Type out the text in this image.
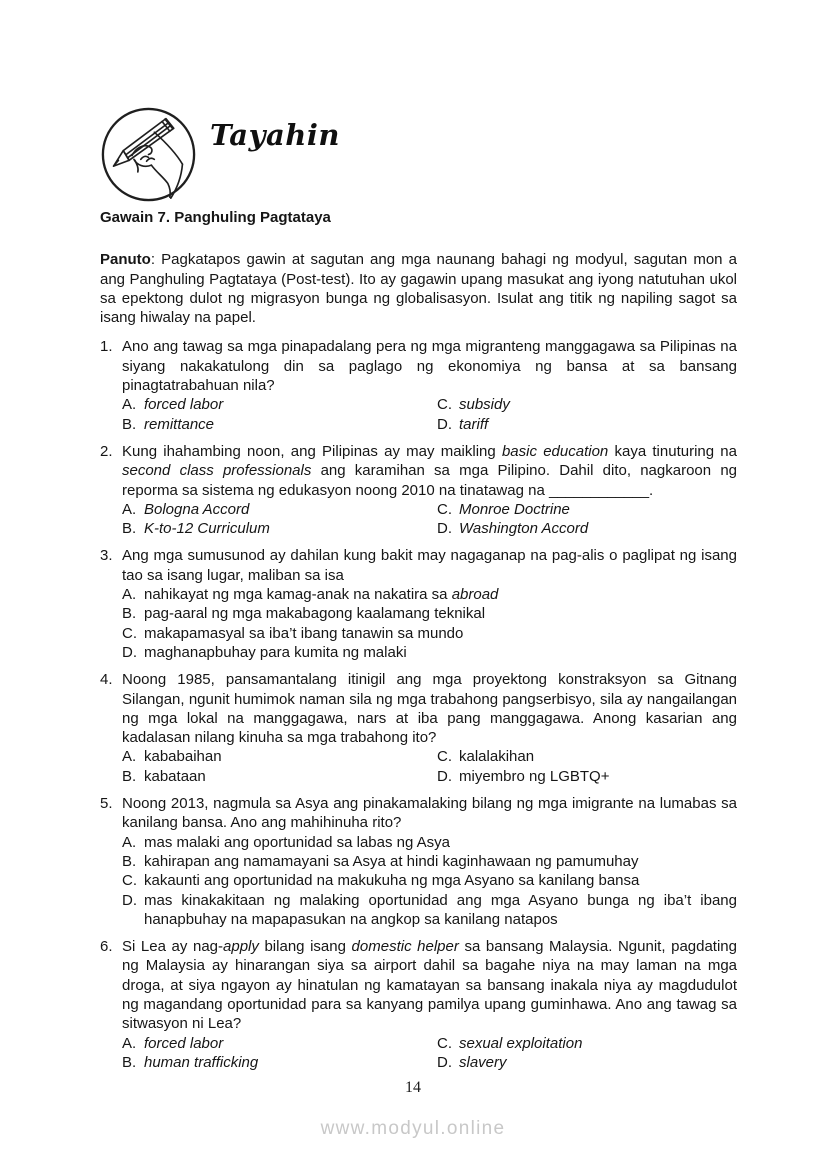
Tayahin
Gawain 7. Panghuling Pagtataya

Panuto: Pagkatapos gawin at sagutan ang mga naunang bahagi ng modyul, sagutan mon a ang Panghuling Pagtataya (Post-test). Ito ay gagawin upang masukat ang iyong natutuhan ukol sa epektong dulot ng migrasyon bunga ng globalisasyon. Isulat ang titik ng napiling sagot sa isang hiwalay na papel.

1. Ano ang tawag sa mga pinapadalang pera ng mga migranteng manggagawa sa Pilipinas na siyang nakakatulong din sa paglago ng ekonomiya ng bansa at sa bansang pinagtatrabahuan nila?
A. forced labor
B. remittance
C. subsidy
D. tariff
2. Kung ihahambing noon, ang Pilipinas ay may maikling basic education kaya tinuturing na second class professionals ang karamihan sa mga Pilipino. Dahil dito, nagkaroon ng reporma sa sistema ng edukasyon noong 2010 na tinatawag na ____________.
A. Bologna Accord
B. K-to-12 Curriculum
C. Monroe Doctrine
D. Washington Accord
3. Ang mga sumusunod ay dahilan kung bakit may nagaganap na pag-alis o paglipat ng isang tao sa isang lugar, maliban sa isa
A. nahikayat ng mga kamag-anak na nakatira sa abroad
B. pag-aaral ng mga makabagong kaalamang teknikal
C. makapamasyal sa iba’t ibang tanawin sa mundo
D. maghanapbuhay para kumita ng malaki
4. Noong 1985, pansamantalang itinigil ang mga proyektong konstraksyon sa Gitnang Silangan, ngunit humimok naman sila ng mga trabahong pangserbisyo, sila ay nangailangan ng mga lokal na manggagawa, nars at iba pang manggagawa. Anong kasarian ang kadalasan nilang kinuha sa mga trabahong ito?
A. kababaihan
B. kabataan
C. kalalakihan
D. miyembro ng LGBTQ+
5. Noong 2013, nagmula sa Asya ang pinakamalaking bilang ng mga imigrante na lumabas sa kanilang bansa. Ano ang mahihinuha rito?
A. mas malaki ang oportunidad sa labas ng Asya
B. kahirapan ang namamayani sa Asya at hindi kaginhawaan ng pamumuhay
C. kakaunti ang oportunidad na makukuha ng mga Asyano sa kanilang bansa
D. mas kinakakitaan ng malaking oportunidad ang mga Asyano bunga ng iba’t ibang hanapbuhay na mapapasukan na angkop sa kanilang natapos
6. Si Lea ay nag-apply bilang isang domestic helper sa bansang Malaysia. Ngunit, pagdating ng Malaysia ay hinarangan siya sa airport dahil sa bagahe niya na may laman na mga droga, at siya ngayon ay hinatulan ng kamatayan sa bansang inakala niya ay magdudulot ng magandang oportunidad para sa kanyang pamilya upang guminhawa. Ano ang tawag sa sitwasyon ni Lea?
A. forced labor
B. human trafficking
C. sexual exploitation
D. slavery
14
www.modyul.online
